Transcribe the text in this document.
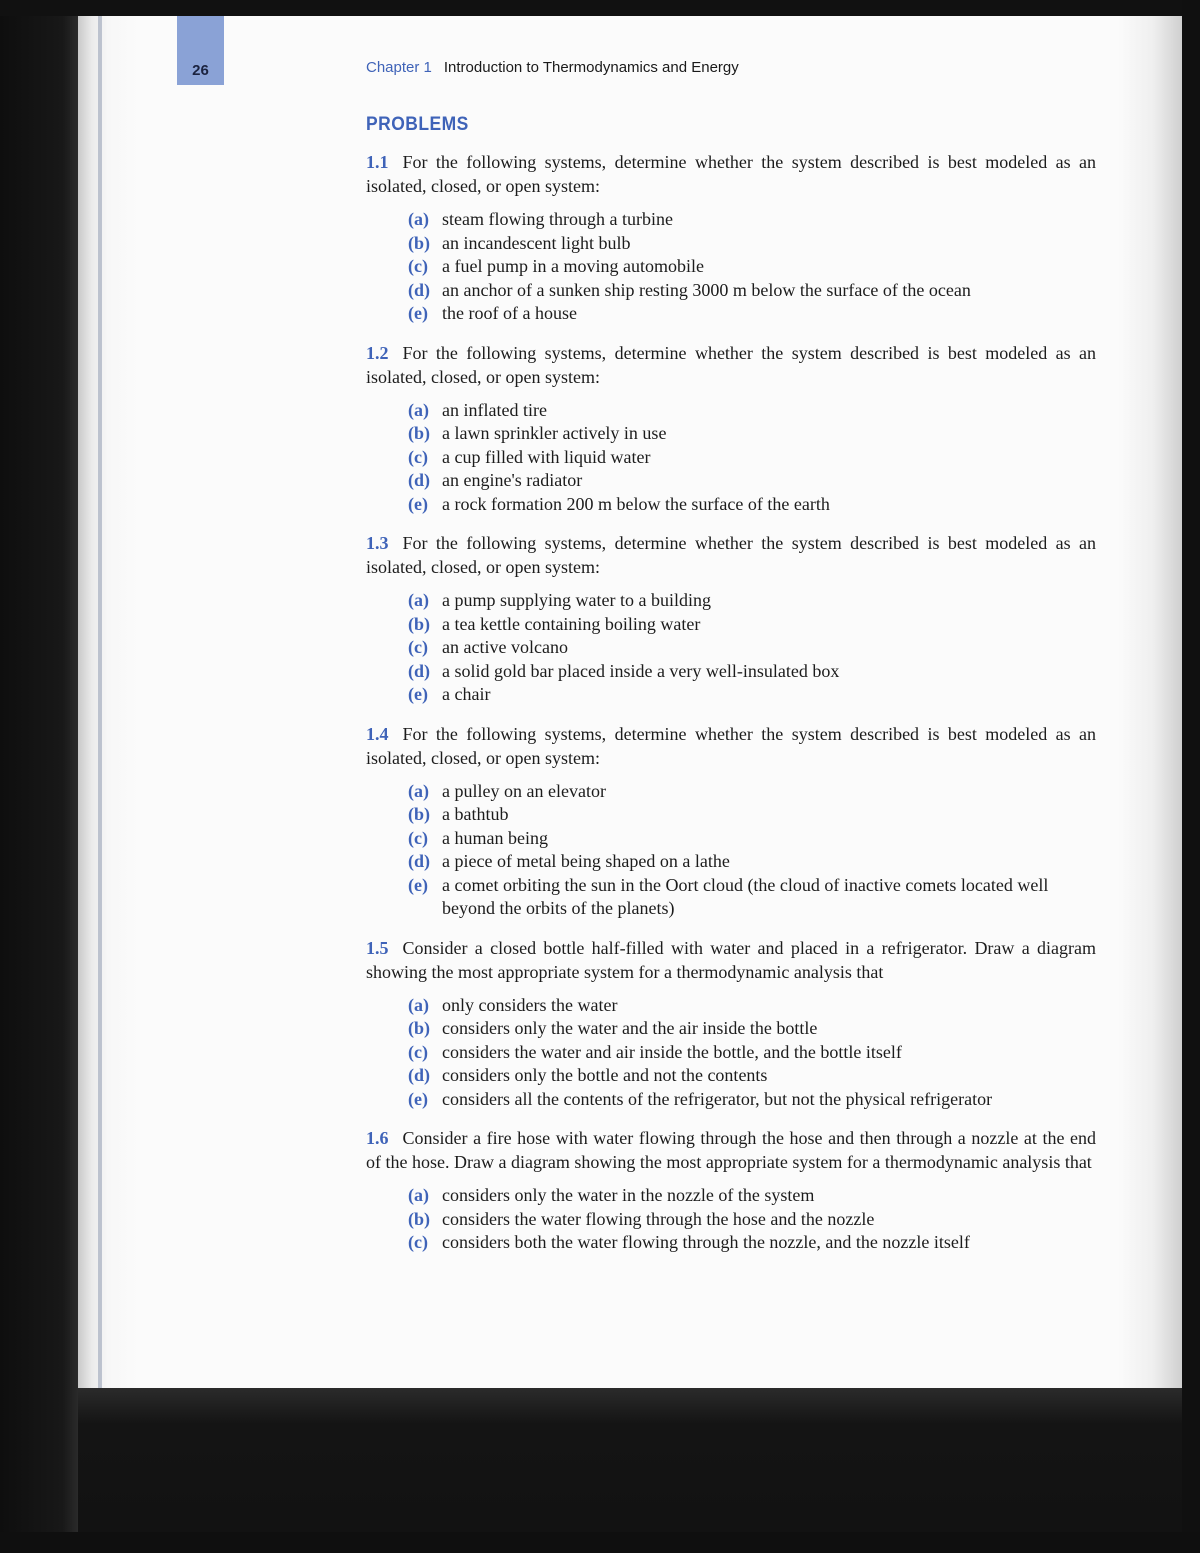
26	Chapter 1 Introduction to Thermodynamics and Energy
PROBLEMS

1.1 For the following systems, determine whether the system described is best modeled as an isolated, closed, or open system:

(a) steam flowing through a turbine
(b) an incandescent light bulb
(c) a fuel pump in a moving automobile
(d) an anchor of a sunken ship resting 3000 m below the surface of the ocean
(e) the roof of a house

1.2 For the following systems, determine whether the system described is best modeled as an isolated, closed, or open system:

(a) an inflated tire
(b) a lawn sprinkler actively in use
(c) a cup filled with liquid water
(d) an engine's radiator
(e) a rock formation 200 m below the surface of the earth

1.3 For the following systems, determine whether the system described is best modeled as an isolated, closed, or open system:

(a) a pump supplying water to a building
(b) a tea kettle containing boiling water
(c) an active volcano
(d) a solid gold bar placed inside a very well-insulated box
(e) a chair

1.4 For the following systems, determine whether the system described is best modeled as an isolated, closed, or open system:

(a) a pulley on an elevator
(b) a bathtub
(c) a human being
(d) a piece of metal being shaped on a lathe
(e) a comet orbiting the sun in the Oort cloud (the cloud of inactive comets located well beyond the orbits of the planets)

1.5 Consider a closed bottle half-filled with water and placed in a refrigerator. Draw a diagram showing the most appropriate system for a thermodynamic analysis that

(a) only considers the water
(b) considers only the water and the air inside the bottle
(c) considers the water and air inside the bottle, and the bottle itself
(d) considers only the bottle and not the contents
(e) considers all the contents of the refrigerator, but not the physical refrigerator

1.6 Consider a fire hose with water flowing through the hose and then through a nozzle at the end of the hose. Draw a diagram showing the most appropriate system for a thermodynamic analysis that

(a) considers only the water in the nozzle of the system
(b) considers the water flowing through the hose and the nozzle
(c) considers both the water flowing through the nozzle, and the nozzle itself
